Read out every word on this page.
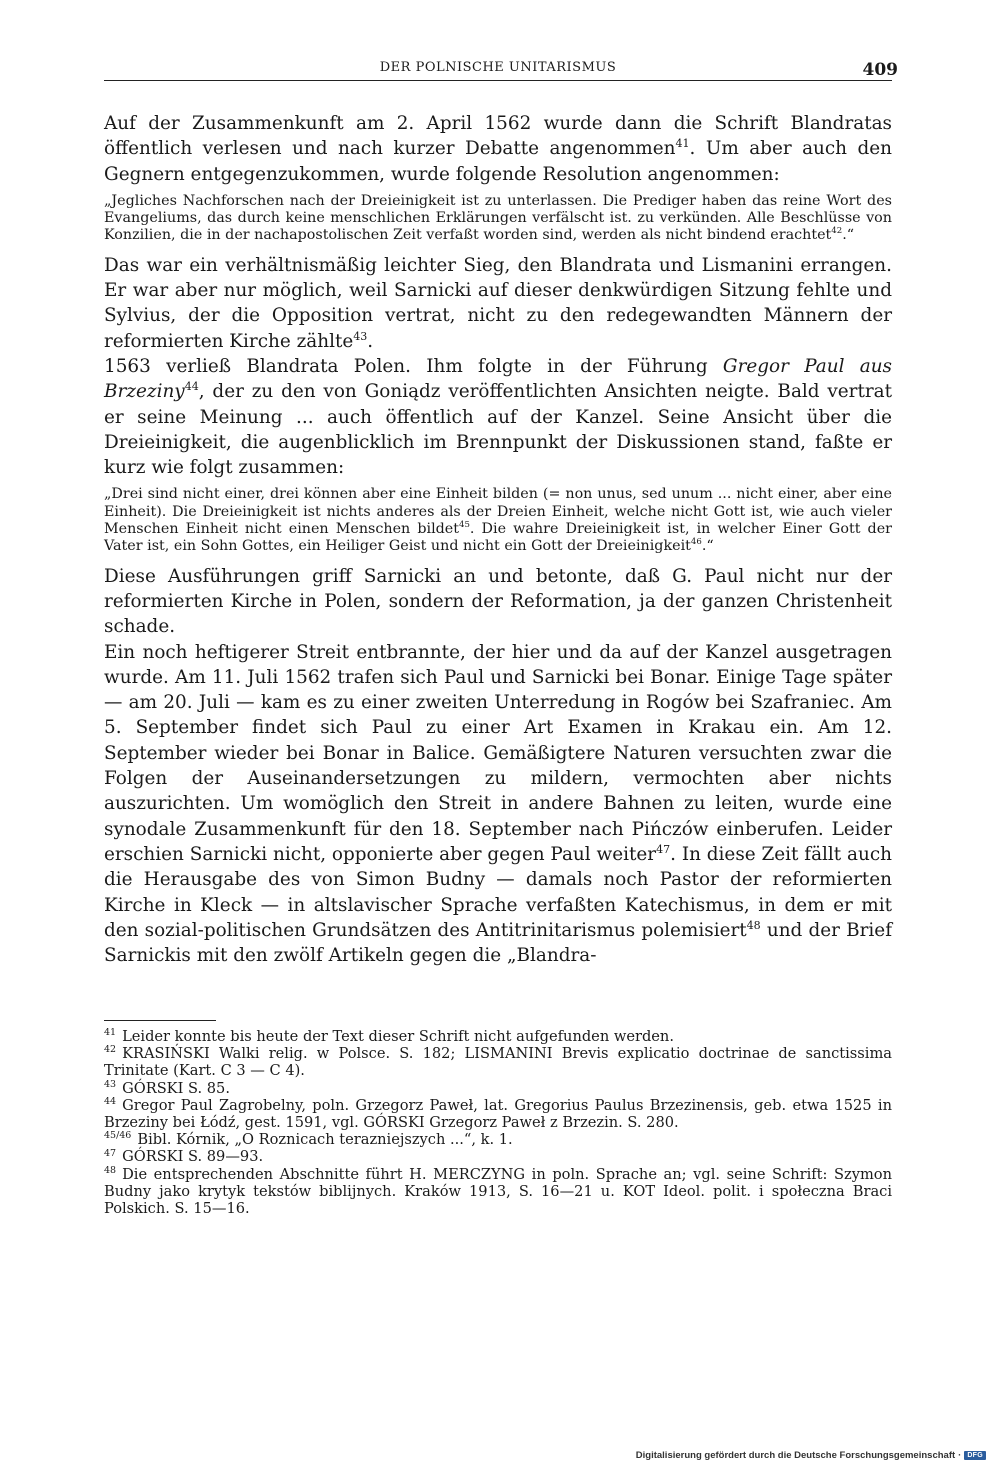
DER POLNISCHE UNITARISMUS	409

Auf der Zusammenkunft am 2. April 1562 wurde dann die Schrift Blandratas öffentlich verlesen und nach kurzer Debatte angenommen$^{41}$. Um aber auch den Gegnern entgegenzukommen, wurde folgende Resolution angenommen:

„Jegliches Nachforschen nach der Dreieinigkeit ist zu unterlassen. Die Prediger haben das reine Wort des Evangeliums, das durch keine menschlichen Erklärungen verfälscht ist. zu verkünden. Alle Beschlüsse von Konzilien, die in der nachapostolischen Zeit verfaßt worden sind, werden als nicht bindend erachtet$^{42}$.“

Das war ein verhältnismäßig leichter Sieg, den Blandrata und Lismanini errangen. Er war aber nur möglich, weil Sarnicki auf dieser denkwürdigen Sitzung fehlte und Sylvius, der die Opposition vertrat, nicht zu den redegewandten Männern der reformierten Kirche zählte$^{43}$.

1563 verließ Blandrata Polen. Ihm folgte in der Führung Gregor Paul aus Brzeziny$^{44}$, der zu den von Goniądz veröffentlichten Ansichten neigte. Bald vertrat er seine Meinung ... auch öffentlich auf der Kanzel. Seine Ansicht über die Dreieinigkeit, die augenblicklich im Brennpunkt der Diskussionen stand, faßte er kurz wie folgt zusammen:

„Drei sind nicht einer, drei können aber eine Einheit bilden (= non unus, sed unum ... nicht einer, aber eine Einheit). Die Dreieinigkeit ist nichts anderes als der Dreien Einheit, welche nicht Gott ist, wie auch vieler Menschen Einheit nicht einen Menschen bildet$^{45}$. Die wahre Dreieinigkeit ist, in welcher Einer Gott der Vater ist, ein Sohn Gottes, ein Heiliger Geist und nicht ein Gott der Dreieinigkeit$^{46}$.“

Diese Ausführungen griff Sarnicki an und betonte, daß G. Paul nicht nur der reformierten Kirche in Polen, sondern der Reformation, ja der ganzen Christenheit schade.

Ein noch heftigerer Streit entbrannte, der hier und da auf der Kanzel ausgetragen wurde. Am 11. Juli 1562 trafen sich Paul und Sarnicki bei Bonar. Einige Tage später — am 20. Juli — kam es zu einer zweiten Unterredung in Rogów bei Szafraniec. Am 5. September findet sich Paul zu einer Art Examen in Krakau ein. Am 12. September wieder bei Bonar in Balice. Gemäßigtere Naturen versuchten zwar die Folgen der Auseinandersetzungen zu mildern, vermochten aber nichts auszurichten. Um womöglich den Streit in andere Bahnen zu leiten, wurde eine synodale Zusammenkunft für den 18. September nach Pińczów einberufen. Leider erschien Sarnicki nicht, opponierte aber gegen Paul weiter$^{47}$. In diese Zeit fällt auch die Herausgabe des von Simon Budny — damals noch Pastor der reformierten Kirche in Kleck — in altslavischer Sprache verfaßten Katechismus, in dem er mit den sozial-politischen Grundsätzen des Antitrinitarismus polemisiert$^{48}$ und der Brief Sarnickis mit den zwölf Artikeln gegen die „Blandra-

$^{41}$ Leider konnte bis heute der Text dieser Schrift nicht aufgefunden werden.

$^{42}$ KRASIŃSKI Walki relig. w Polsce. S. 182; LISMANINI Brevis explicatio doctrinae de sanctissima Trinitate (Kart. C 3 — C 4).

$^{43}$ GÓRSKI S. 85.

$^{44}$ Gregor Paul Zagrobelny, poln. Grzegorz Paweł, lat. Gregorius Paulus Brzezinensis, geb. etwa 1525 in Brzeziny bei Łódź, gest. 1591, vgl. GÓRSKI Grzegorz Paweł z Brzezin. S. 280.

$^{45/46}$ Bibl. Kórnik, „O Roznicach terazniejszych ...“, k. 1.

$^{47}$ GÓRSKI S. 89—93.

$^{48}$ Die entsprechenden Abschnitte führt H. MERCZYNG in poln. Sprache an; vgl. seine Schrift: Szymon Budny jako krytyk tekstów biblijnych. Kraków 1913, S. 16—21 u. KOT Ideol. polit. i społeczna Braci Polskich. S. 15—16.

Digitalisierung gefördert durch die Deutsche Forschungsgemeinschaft · DFG
